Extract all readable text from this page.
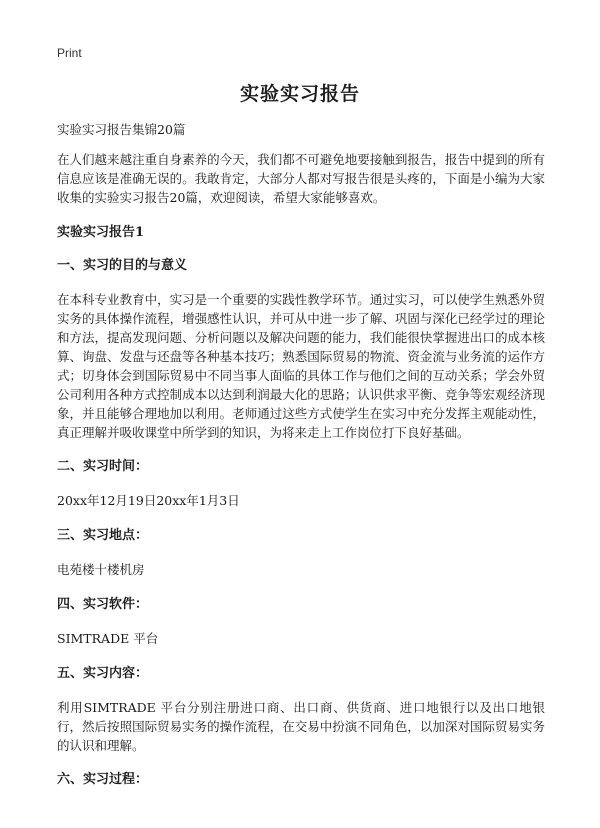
Print
实验实习报告

实验实习报告集锦20篇

在人们越来越注重自身素养的今天，我们都不可避免地要接触到报告，报告中提到的所有信息应该是准确无误的。我敢肯定，大部分人都对写报告很是头疼的，下面是小编为大家收集的实验实习报告20篇，欢迎阅读，希望大家能够喜欢。

实验实习报告1
一、实习的目的与意义

在本科专业教育中，实习是一个重要的实践性教学环节。通过实习，可以使学生熟悉外贸实务的具体操作流程，增强感性认识，并可从中进一步了解、巩固与深化已经学过的理论和方法，提高发现问题、分析问题以及解决问题的能力，我们能很快掌握进出口的成本核算、询盘、发盘与还盘等各种基本技巧；熟悉国际贸易的物流、资金流与业务流的运作方式；切身体会到国际贸易中不同当事人面临的具体工作与他们之间的互动关系；学会外贸公司利用各种方式控制成本以达到利润最大化的思路；认识供求平衡、竞争等宏观经济现象，并且能够合理地加以利用。老师通过这些方式使学生在实习中充分发挥主观能动性，真正理解并吸收课堂中所学到的知识，为将来走上工作岗位打下良好基础。

二、实习时间：

20xx年12月19日20xx年1月3日

三、实习地点：

电苑楼十楼机房

四、实习软件：

SIMTRADE 平台

五、实习内容：

利用SIMTRADE 平台分别注册进口商、出口商、供货商、进口地银行以及出口地银行，然后按照国际贸易实务的操作流程，在交易中扮演不同角色，以加深对国际贸易实务的认识和理解。

六、实习过程：
